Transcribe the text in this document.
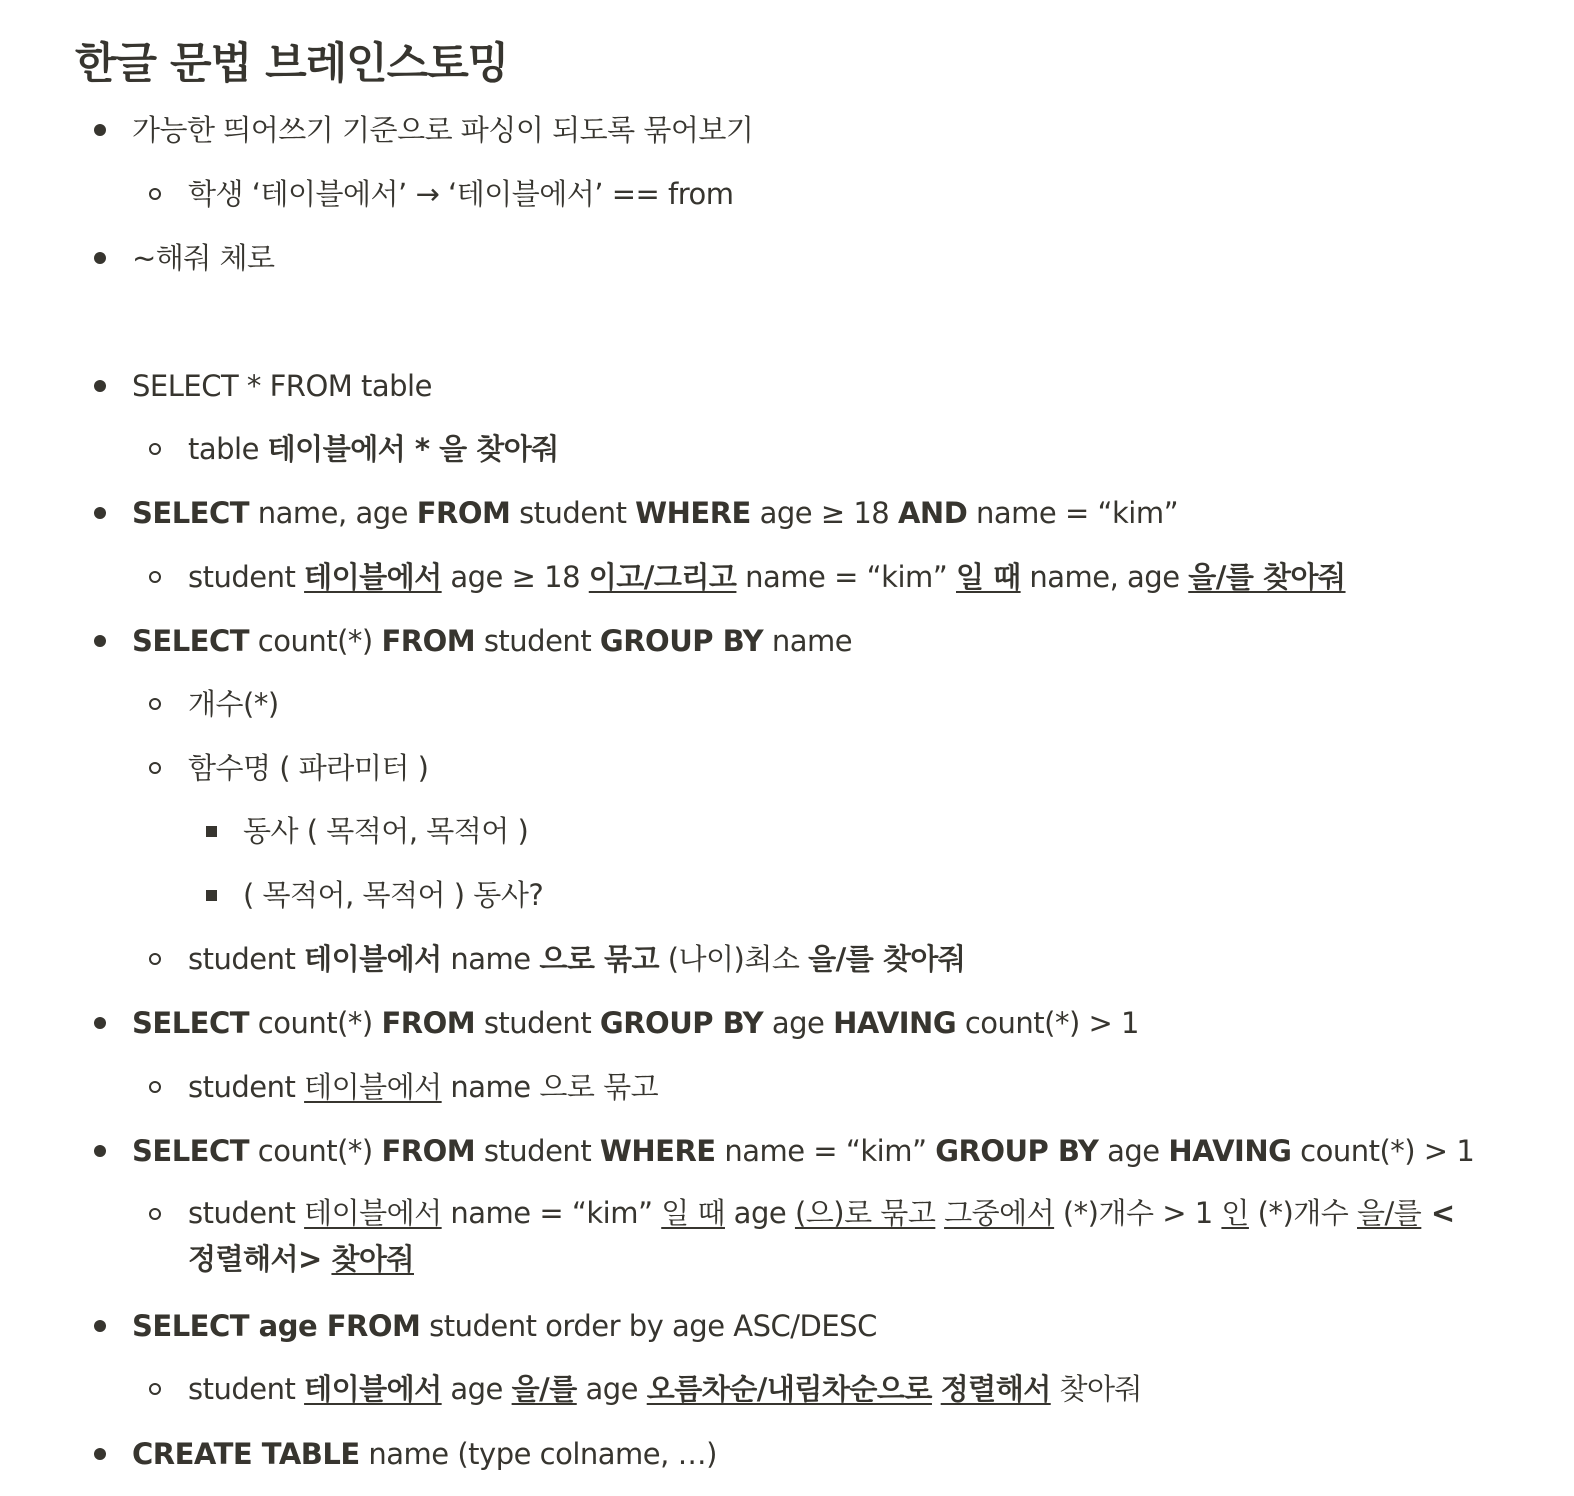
한글 문법 브레인스토밍
가능한 띄어쓰기 기준으로 파싱이 되도록 묶어보기
학생 ‘테이블에서’ → ‘테이블에서’ == from
~해줘 체로
SELECT * FROM table
table 테이블에서 * 을 찾아줘
SELECT name, age FROM student WHERE age ≥ 18 AND name = “kim”
student 테이블에서 age ≥ 18 이고/그리고 name = “kim” 일 때 name, age 을/를 찾아줘
SELECT count(*) FROM student GROUP BY name
개수(*)
함수명 ( 파라미터 )
동사 ( 목적어, 목적어 )
( 목적어, 목적어 ) 동사?
student 테이블에서 name 으로 묶고 (나이)최소 을/를 찾아줘
SELECT count(*) FROM student GROUP BY age HAVING count(*) > 1
student 테이블에서 name 으로 묶고
SELECT count(*) FROM student WHERE name = “kim” GROUP BY age HAVING count(*) > 1
student 테이블에서 name = “kim” 일 때 age (으)로 묶고 그중에서 (*)개수 > 1 인 (*)개수 을/를 <정렬해서> 찾아줘
SELECT age FROM student order by age ASC/DESC
student 테이블에서 age 을/를 age 오름차순/내림차순으로 정렬해서 찾아줘
CREATE TABLE name (type colname, …)
